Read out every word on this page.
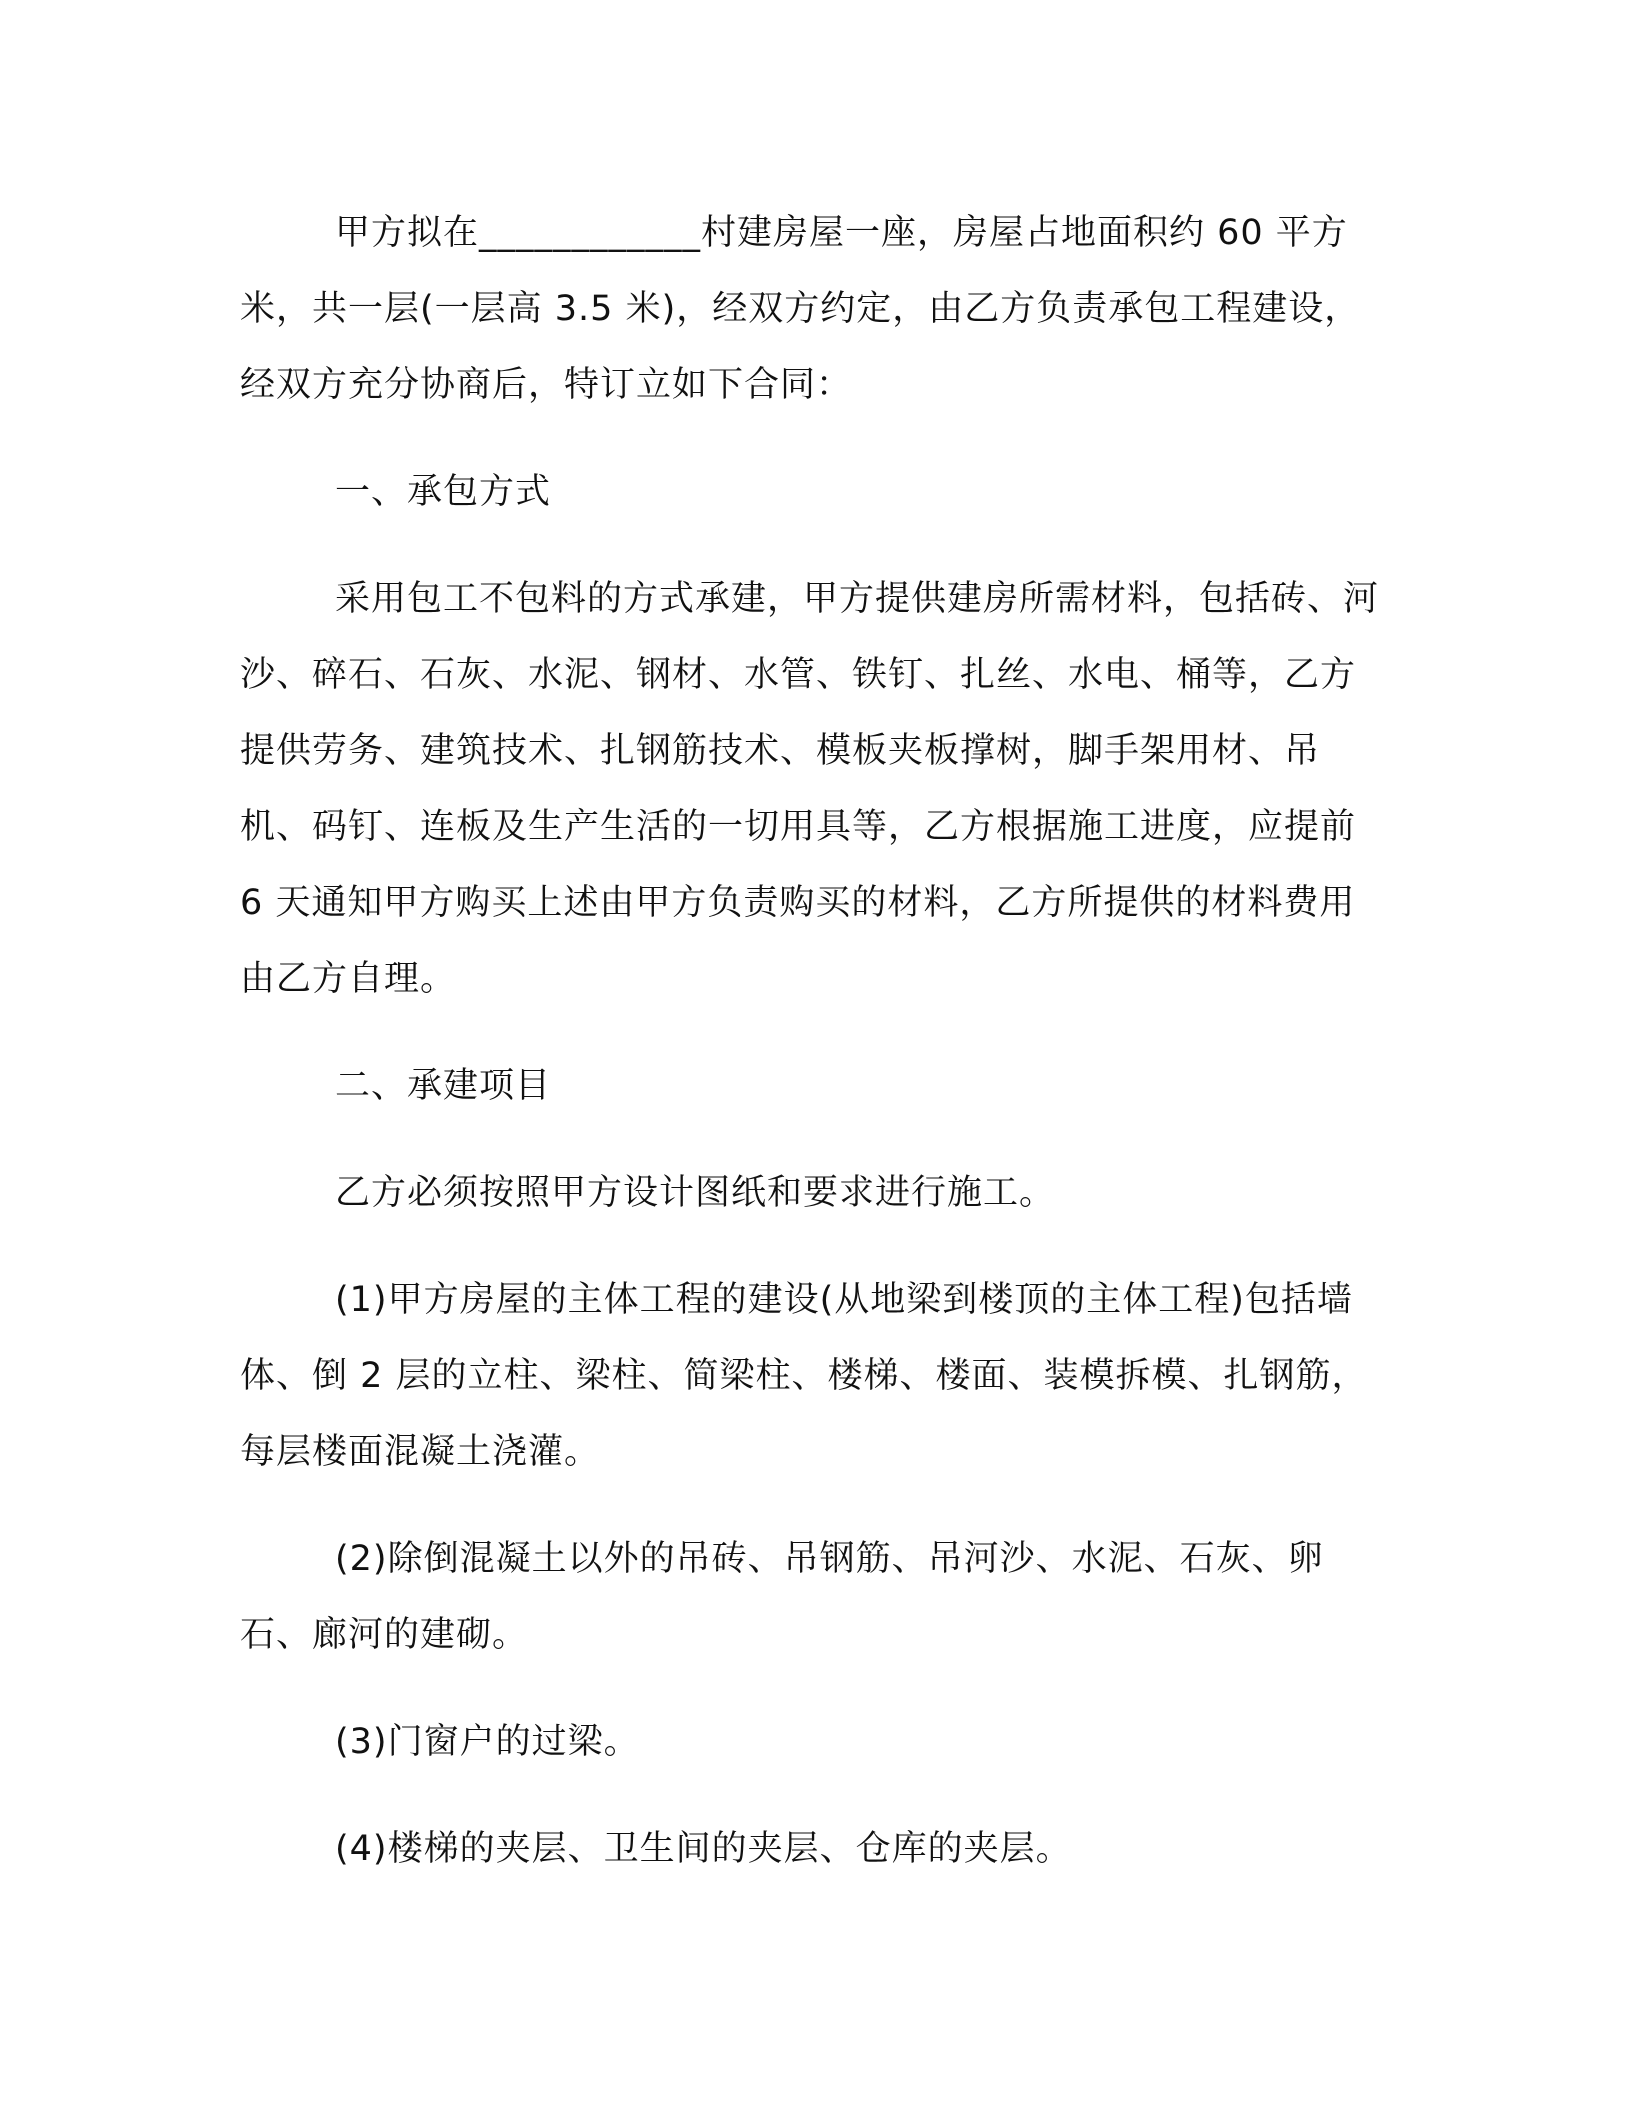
甲方拟在____________村建房屋一座，房屋占地面积约 60 平方米，共一层(一层高 3.5 米)，经双方约定，由乙方负责承包工程建设，经双方充分协商后，特订立如下合同：

一、承包方式

采用包工不包料的方式承建，甲方提供建房所需材料，包括砖、河沙、碎石、石灰、水泥、钢材、水管、铁钉、扎丝、水电、桶等，乙方提供劳务、建筑技术、扎钢筋技术、模板夹板撑树，脚手架用材、吊机、码钉、连板及生产生活的一切用具等，乙方根据施工进度，应提前 6 天通知甲方购买上述由甲方负责购买的材料，乙方所提供的材料费用由乙方自理。

二、承建项目

乙方必须按照甲方设计图纸和要求进行施工。

(1)甲方房屋的主体工程的建设(从地梁到楼顶的主体工程)包括墙体、倒 2 层的立柱、梁柱、简梁柱、楼梯、楼面、装模拆模、扎钢筋，每层楼面混凝土浇灌。

(2)除倒混凝土以外的吊砖、吊钢筋、吊河沙、水泥、石灰、卵石、廊河的建砌。

(3)门窗户的过梁。

(4)楼梯的夹层、卫生间的夹层、仓库的夹层。
